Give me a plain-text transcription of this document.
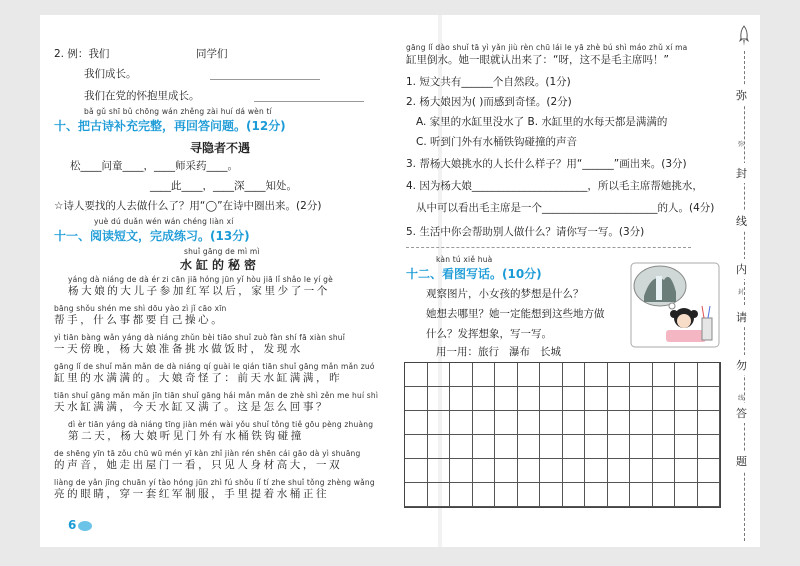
2. 例：我们	同学们
我们成长。
我们在党的怀抱里成长。
bǎ gǔ shī bǔ chōng wán zhěng zài huí dá wèn tí
十、把古诗补充完整，再回答问题。(12分)
寻隐者不遇
松____问童____，____师采药____。
____此____，____深____知处。
☆诗人要找的人去做什么了？用“◯”在诗中圈出来。(2分)
yuè dú duǎn wén wán chéng liàn xí
十一、阅读短文，完成练习。(13分)
shuǐ gāng de mì mì
水缸的秘密
yáng dà niáng de dà ér zi cān jiā hóng jūn yǐ hòu jiā lǐ shǎo le yí gè
杨大娘的大儿子参加红军以后，家里少了一个
bāng shǒu shén me shì dōu yào zì jǐ cāo xīn
帮手，什么事都要自己操心。
yì tiān bàng wǎn yáng dà niáng zhǔn bèi tiāo shuǐ zuò fàn shí fā xiàn shuǐ
一天傍晚，杨大娘准备挑水做饭时，发现水
gāng lǐ de shuǐ mǎn mǎn de dà niáng qí guài le qián tiān shuǐ gāng mǎn mǎn zuó
缸里的水满满的。大娘奇怪了：前天水缸满满，昨
tiān shuǐ gāng mǎn mǎn jīn tiān shuǐ gāng hái mǎn mǎn de zhè shì zěn me huí shì
天水缸满满，今天水缸又满了。这是怎么回事？
dì èr tiān yáng dà niáng tīng jiàn mén wài yǒu shuǐ tǒng tiě gōu pèng zhuàng
第二天，杨大娘听见门外有水桶铁钩碰撞
de shēng yīn tā zǒu chū wū mén yī kàn zhǐ jiàn rén shēn cái gāo dà yì shuāng
的声音，她走出屋门一看，只见人身材高大，一双
liàng de yǎn jīng chuān yí tào hóng jūn zhì fú shǒu lǐ tí zhe shuǐ tǒng zhèng wǎng
亮的眼睛，穿一套红军制服，手里提着水桶正往
6
gāng lǐ dào shuǐ tā yì yǎn jiù rèn chū lái le yā zhè bú shì máo zhǔ xí ma
缸里倒水。她一眼就认出来了：“呀，这不是毛主席吗！”
1. 短文共有______个自然段。(1分)
2. 杨大娘因为( )而感到奇怪。(2分)
A. 家里的水缸里没水了 B. 水缸里的水每天都是满满的
C. 听到门外有水桶铁钩碰撞的声音
3. 帮杨大娘挑水的人长什么样子？用“______”画出来。(3分)
4. 因为杨大娘______________________，所以毛主席帮她挑水，
从中可以看出毛主席是一个______________________的人。(4分)
5. 生活中你会帮助别人做什么？请你写一写。(3分)
kàn tú xiě huà
十二、看图写话。(10分)
观察图片，小女孩的梦想是什么？
她想去哪里？她一定能想到这些地方做
什么？发挥想象，写一写。
用一用：旅行 瀑布 长城
弥
弥
封
线
内
封
请
勿
线
答
题
